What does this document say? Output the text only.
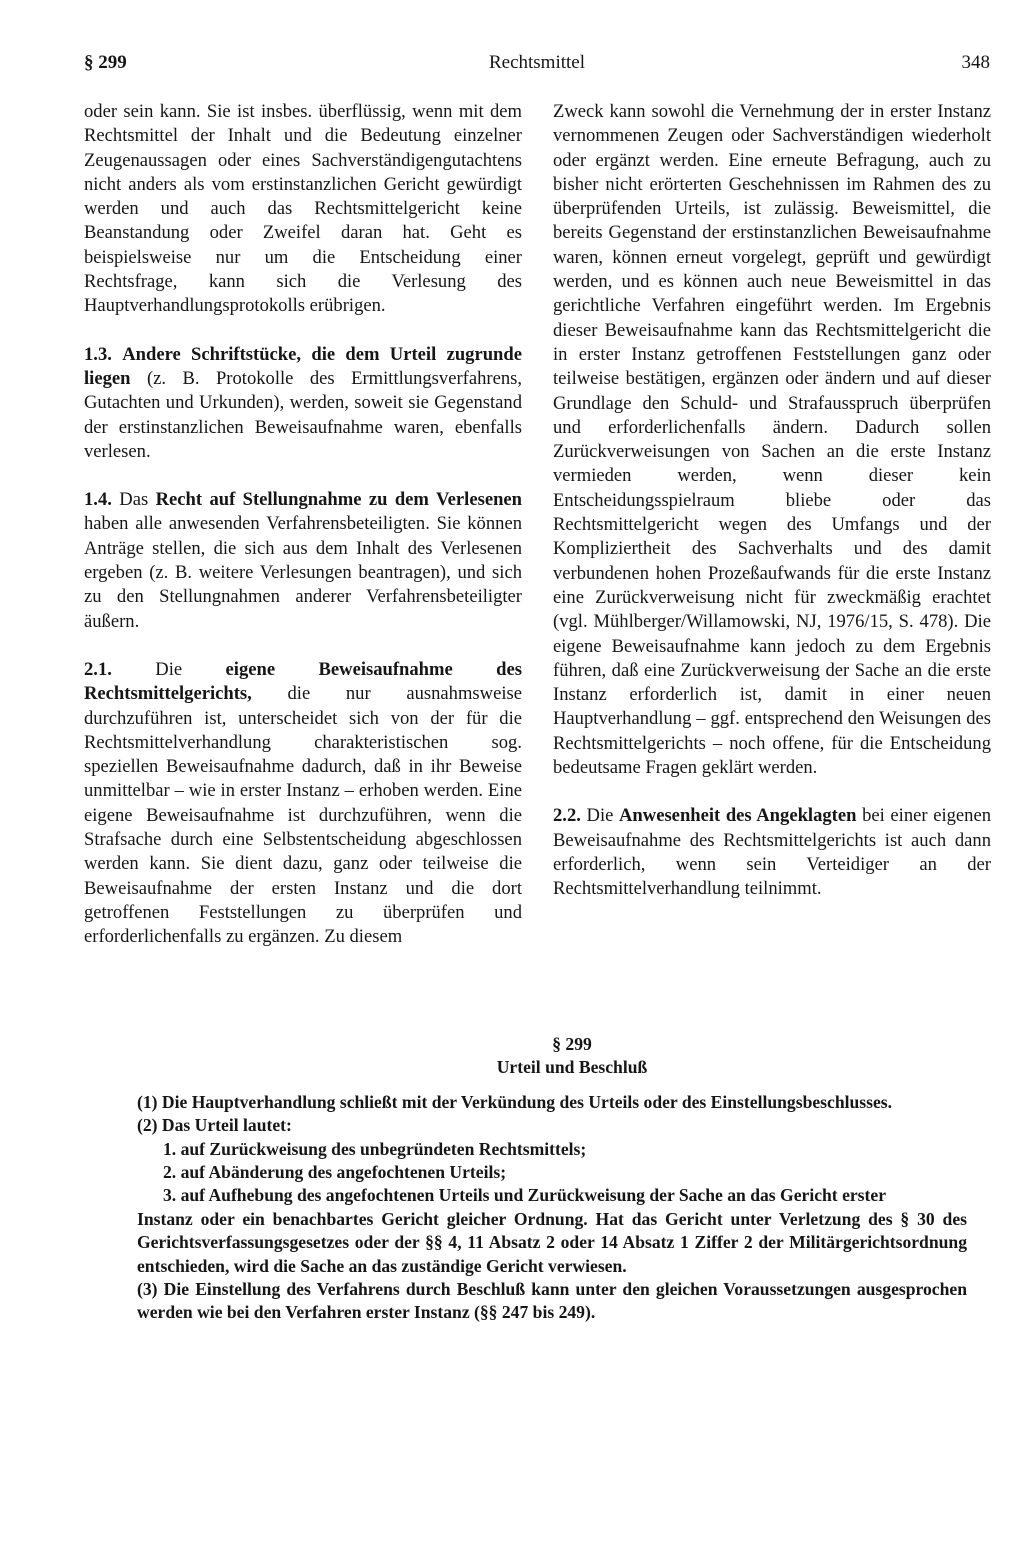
§ 299	Rechtsmittel	348

oder sein kann. Sie ist insbes. überflüssig, wenn mit dem Rechtsmittel der Inhalt und die Bedeutung einzelner Zeugenaussagen oder eines Sachverständigengutachtens nicht anders als vom erstinstanzlichen Gericht gewürdigt werden und auch das Rechtsmittelgericht keine Beanstandung oder Zweifel daran hat. Geht es beispielsweise nur um die Entscheidung einer Rechtsfrage, kann sich die Verlesung des Hauptverhandlungsprotokolls erübrigen.

1.3. Andere Schriftstücke, die dem Urteil zugrunde liegen (z. B. Protokolle des Ermittlungsverfahrens, Gutachten und Urkunden), werden, soweit sie Gegenstand der erstinstanzlichen Beweisaufnahme waren, ebenfalls verlesen.

1.4. Das Recht auf Stellungnahme zu dem Verlesenen haben alle anwesenden Verfahrensbeteiligten. Sie können Anträge stellen, die sich aus dem Inhalt des Verlesenen ergeben (z. B. weitere Verlesungen beantragen), und sich zu den Stellungnahmen anderer Verfahrensbeteiligter äußern.

2.1. Die eigene Beweisaufnahme des Rechtsmittelgerichts, die nur ausnahmsweise durchzuführen ist, unterscheidet sich von der für die Rechtsmittelverhandlung charakteristischen sog. speziellen Beweisaufnahme dadurch, daß in ihr Beweise unmittelbar – wie in erster Instanz – erhoben werden. Eine eigene Beweisaufnahme ist durchzuführen, wenn die Strafsache durch eine Selbstentscheidung abgeschlossen werden kann. Sie dient dazu, ganz oder teilweise die Beweisaufnahme der ersten Instanz und die dort getroffenen Feststellungen zu überprüfen und erforderlichenfalls zu ergänzen. Zu diesem

Zweck kann sowohl die Vernehmung der in erster Instanz vernommenen Zeugen oder Sachverständigen wiederholt oder ergänzt werden. Eine erneute Befragung, auch zu bisher nicht erörterten Geschehnissen im Rahmen des zu überprüfenden Urteils, ist zulässig. Beweismittel, die bereits Gegenstand der erstinstanzlichen Beweisaufnahme waren, können erneut vorgelegt, geprüft und gewürdigt werden, und es können auch neue Beweismittel in das gerichtliche Verfahren eingeführt werden. Im Ergebnis dieser Beweisaufnahme kann das Rechtsmittelgericht die in erster Instanz getroffenen Feststellungen ganz oder teilweise bestätigen, ergänzen oder ändern und auf dieser Grundlage den Schuld- und Strafausspruch überprüfen und erforderlichenfalls ändern. Dadurch sollen Zurückverweisungen von Sachen an die erste Instanz vermieden werden, wenn dieser kein Entscheidungsspielraum bliebe oder das Rechtsmittelgericht wegen des Umfangs und der Kompliziertheit des Sachverhalts und des damit verbundenen hohen Prozeßaufwands für die erste Instanz eine Zurückverweisung nicht für zweckmäßig erachtet (vgl. Mühlberger/Willamowski, NJ, 1976/15, S. 478). Die eigene Beweisaufnahme kann jedoch zu dem Ergebnis führen, daß eine Zurückverweisung der Sache an die erste Instanz erforderlich ist, damit in einer neuen Hauptverhandlung – ggf. entsprechend den Weisungen des Rechtsmittelgerichts – noch offene, für die Entscheidung bedeutsame Fragen geklärt werden.

2.2. Die Anwesenheit des Angeklagten bei einer eigenen Beweisaufnahme des Rechtsmittelgerichts ist auch dann erforderlich, wenn sein Verteidiger an der Rechtsmittelverhandlung teilnimmt.

§ 299

Urteil und Beschluß

(1) Die Hauptverhandlung schließt mit der Verkündung des Urteils oder des Einstellungsbeschlusses.

(2) Das Urteil lautet:

1. auf Zurückweisung des unbegründeten Rechtsmittels;

2. auf Abänderung des angefochtenen Urteils;

3. auf Aufhebung des angefochtenen Urteils und Zurückweisung der Sache an das Gericht erster

Instanz oder ein benachbartes Gericht gleicher Ordnung. Hat das Gericht unter Verletzung des § 30 des Gerichtsverfassungsgesetzes oder der §§ 4, 11 Absatz 2 oder 14 Absatz 1 Ziffer 2 der Militärgerichtsordnung entschieden, wird die Sache an das zuständige Gericht verwiesen.

(3) Die Einstellung des Verfahrens durch Beschluß kann unter den gleichen Voraussetzungen ausgesprochen werden wie bei den Verfahren erster Instanz (§§ 247 bis 249).
